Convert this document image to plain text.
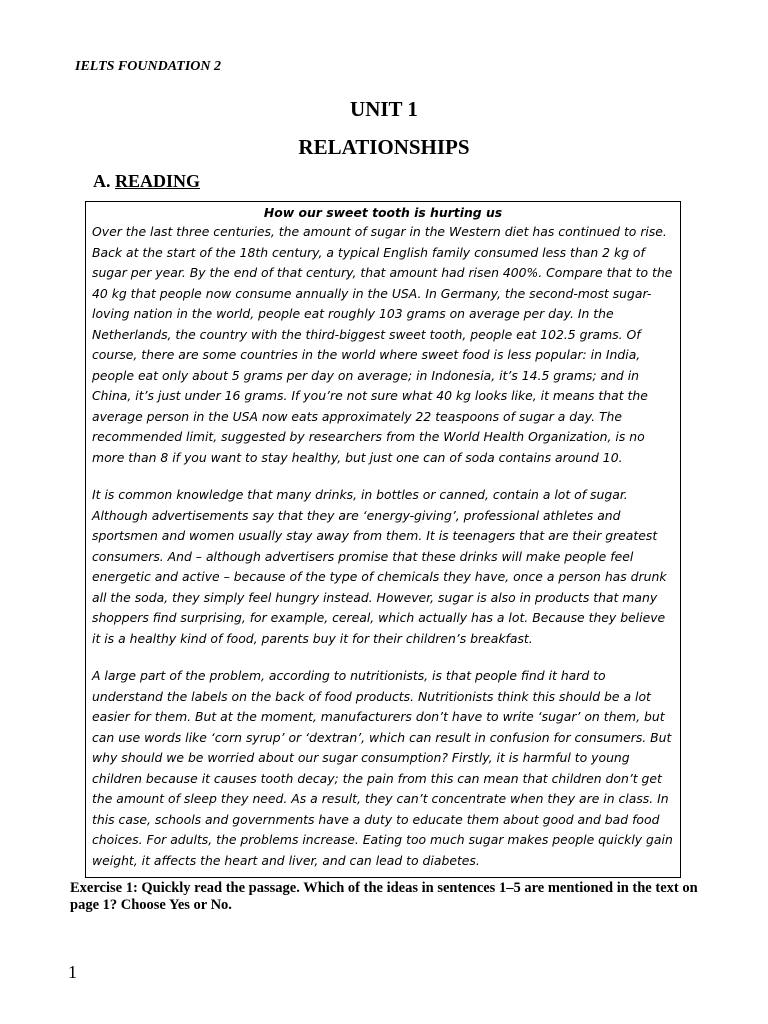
IELTS FOUNDATION 2
UNIT 1
RELATIONSHIPS
A. READING
How our sweet tooth is hurting us

Over the last three centuries, the amount of sugar in the Western diet has continued to rise. Back at the start of the 18th century, a typical English family consumed less than 2 kg of sugar per year. By the end of that century, that amount had risen 400%. Compare that to the 40 kg that people now consume annually in the USA. In Germany, the second-most sugar-loving nation in the world, people eat roughly 103 grams on average per day. In the Netherlands, the country with the third-biggest sweet tooth, people eat 102.5 grams. Of course, there are some countries in the world where sweet food is less popular: in India, people eat only about 5 grams per day on average; in Indonesia, it’s 14.5 grams; and in China, it’s just under 16 grams. If you’re not sure what 40 kg looks like, it means that the average person in the USA now eats approximately 22 teaspoons of sugar a day. The recommended limit, suggested by researchers from the World Health Organization, is no more than 8 if you want to stay healthy, but just one can of soda contains around 10.

It is common knowledge that many drinks, in bottles or canned, contain a lot of sugar. Although advertisements say that they are ‘energy-giving’, professional athletes and sportsmen and women usually stay away from them. It is teenagers that are their greatest consumers. And – although advertisers promise that these drinks will make people feel energetic and active – because of the type of chemicals they have, once a person has drunk all the soda, they simply feel hungry instead. However, sugar is also in products that many shoppers find surprising, for example, cereal, which actually has a lot. Because they believe it is a healthy kind of food, parents buy it for their children’s breakfast.

A large part of the problem, according to nutritionists, is that people find it hard to understand the labels on the back of food products. Nutritionists think this should be a lot easier for them. But at the moment, manufacturers don’t have to write ‘sugar’ on them, but can use words like ‘corn syrup’ or ‘dextran’, which can result in confusion for consumers. But why should we be worried about our sugar consumption? Firstly, it is harmful to young children because it causes tooth decay; the pain from this can mean that children don’t get the amount of sleep they need. As a result, they can’t concentrate when they are in class. In this case, schools and governments have a duty to educate them about good and bad food choices. For adults, the problems increase. Eating too much sugar makes people quickly gain weight, it affects the heart and liver, and can lead to diabetes.

Exercise 1: Quickly read the passage. Which of the ideas in sentences 1–5 are mentioned in the text on page 1? Choose Yes or No.
1
